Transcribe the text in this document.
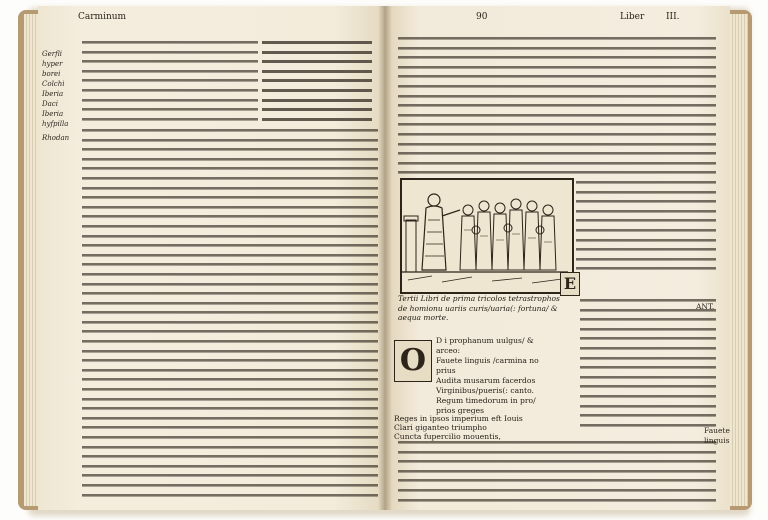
Carminum
Gerfli
hyper
borei
Colchi
Iberia
Daci
Iberia
hyfpilla
Rhodan
90	Liber III.
ANT.
Fauete
linguis
Tertii Libri de prima tricolos tetrastrophos
de homionu uariis curis/uaria(: fortuna/ &
aequa morte.
O
D i prophanum uulgus/ &
arceo:
Fauete linguis /carmina no
prius
Audita musarum facerdos
Virginibus/pueris(: canto.
Regum timedorum in pro/
prios greges
Reges in ipsos imperium eft Iouis
Clari giganteo triumpho
Cuncta fupercilio mouentis,
E
